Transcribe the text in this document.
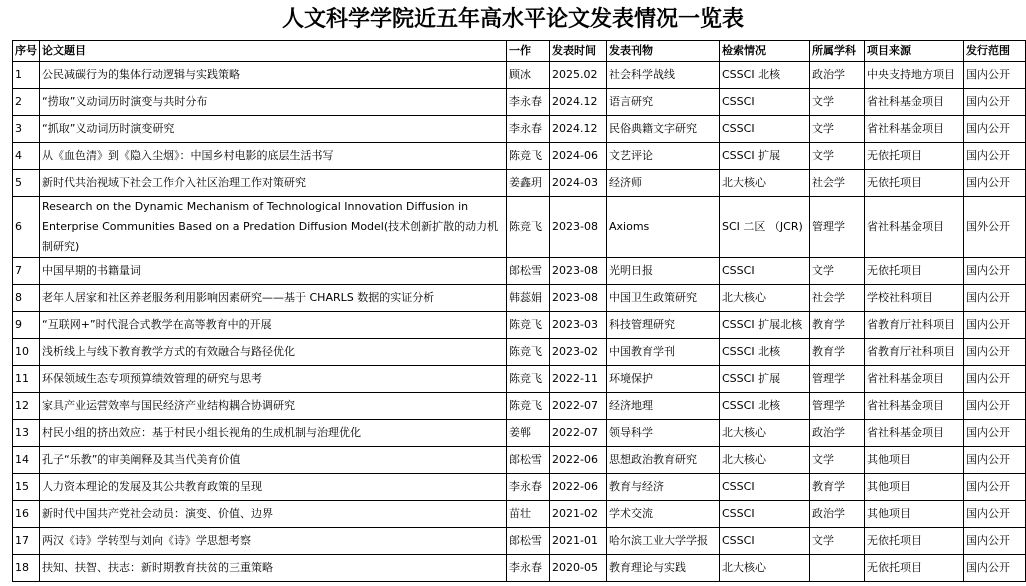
人文科学学院近五年高水平论文发表情况一览表
序号	论文题目	一作	发表时间	发表刊物	检索情况	所属学科	项目来源	发行范围
1	公民减碳行为的集体行动逻辑与实践策略	顾冰	2025.02	社会科学战线	CSSCI 北核	政治学	中央支持地方项目	国内公开
2	“捞取”义动词历时演变与共时分布	李永春	2024.12	语言研究	CSSCI	文学	省社科基金项目	国内公开
3	“抓取”义动词历时演变研究	李永春	2024.12	民俗典籍文字研究	CSSCI	文学	省社科基金项目	国内公开
4	从《血色清》到《隐入尘烟》：中国乡村电影的底层生活书写	陈竞飞	2024-06	文艺评论	CSSCI 扩展	文学	无依托项目	国内公开
5	新时代共治视域下社会工作介入社区治理工作对策研究	姜鑫玥	2024-03	经济师	北大核心	社会学	无依托项目	国内公开
6	Research on the Dynamic Mechanism of Technological Innovation Diffusion in Enterprise Communities Based on a Predation Diffusion Model(技术创新扩散的动力机制研究)	陈竞飞	2023-08	Axioms	SCI 二区 （JCR)	管理学	省社科基金项目	国外公开
7	中国早期的书籍量词	郎松雪	2023-08	光明日报	CSSCI	文学	无依托项目	国内公开
8	老年人居家和社区养老服务利用影响因素研究——基于 CHARLS 数据的实证分析	韩蕊娟	2023-08	中国卫生政策研究	北大核心	社会学	学校社科项目	国内公开
9	“互联网+”时代混合式教学在高等教育中的开展	陈竞飞	2023-03	科技管理研究	CSSCI 扩展北核	教育学	省教育厅社科项目	国内公开
10	浅析线上与线下教育教学方式的有效融合与路径优化	陈竞飞	2023-02	中国教育学刊	CSSCI 北核	教育学	省教育厅社科项目	国内公开
11	环保领域生态专项预算绩效管理的研究与思考	陈竞飞	2022-11	环境保护	CSSCI 扩展	管理学	省社科基金项目	国内公开
12	家具产业运营效率与国民经济产业结构耦合协调研究	陈竞飞	2022-07	经济地理	CSSCI 北核	管理学	省社科基金项目	国内公开
13	村民小组的挤出效应：基于村民小组长视角的生成机制与治理优化	姜郸	2022-07	领导科学	北大核心	政治学	省社科基金项目	国内公开
14	孔子“乐教”的审美阐释及其当代美育价值	郎松雪	2022-06	思想政治教育研究	北大核心	文学	其他项目	国内公开
15	人力资本理论的发展及其公共教育政策的呈现	李永春	2022-06	教育与经济	CSSCI	教育学	其他项目	国内公开
16	新时代中国共产党社会动员：演变、价值、边界	苗壮	2021-02	学术交流	CSSCI	政治学	其他项目	国内公开
17	两汉《诗》学转型与刘向《诗》学思想考察	郎松雪	2021-01	哈尔滨工业大学学报	CSSCI	文学	无依托项目	国内公开
18	扶知、扶智、扶志：新时期教育扶贫的三重策略	李永春	2020-05	教育理论与实践	北大核心		无依托项目	国内公开
